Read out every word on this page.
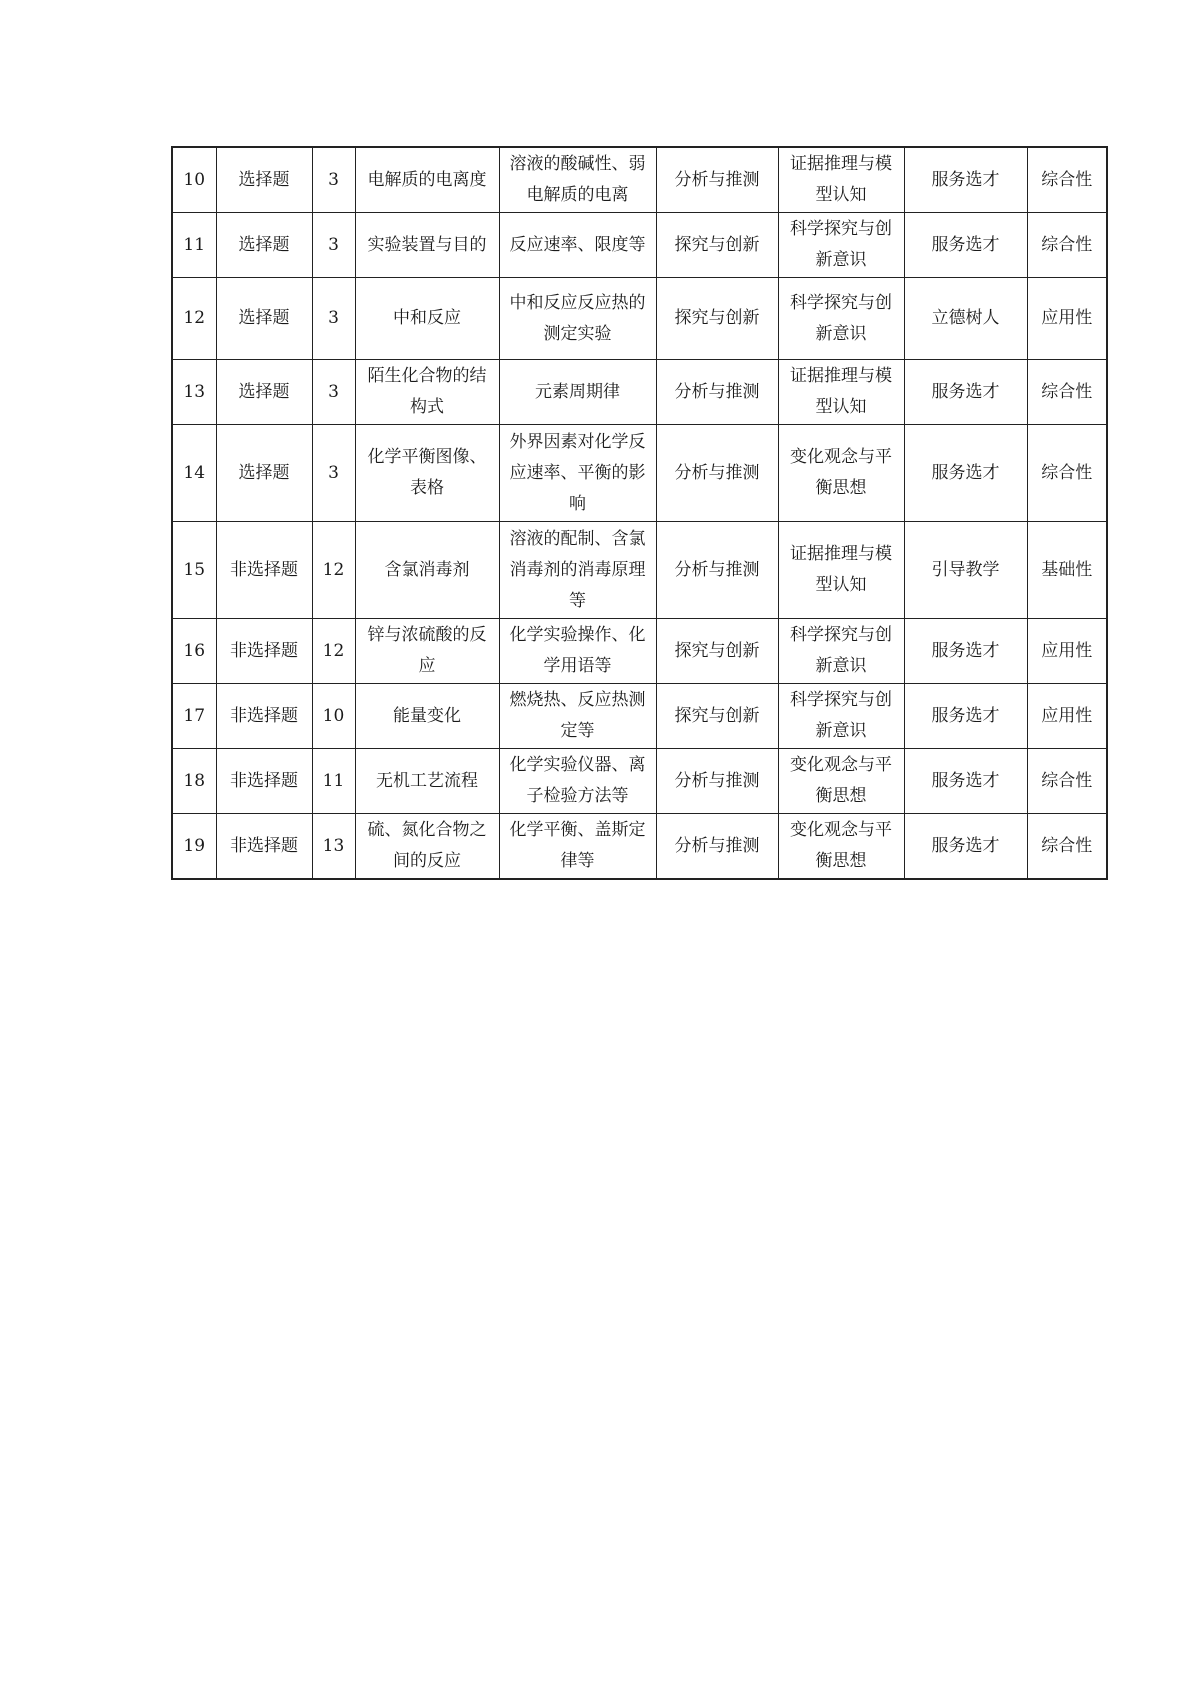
10	选择题	3	电解质的电离度	溶液的酸碱性、弱电解质的电离	分析与推测	证据推理与模型认知	服务选才	综合性
11	选择题	3	实验装置与目的	反应速率、限度等	探究与创新	科学探究与创新意识	服务选才	综合性
12	选择题	3	中和反应	中和反应反应热的测定实验	探究与创新	科学探究与创新意识	立德树人	应用性
13	选择题	3	陌生化合物的结构式	元素周期律	分析与推测	证据推理与模型认知	服务选才	综合性
14	选择题	3	化学平衡图像、表格	外界因素对化学反应速率、平衡的影响	分析与推测	变化观念与平衡思想	服务选才	综合性
15	非选择题	12	含氯消毒剂	溶液的配制、含氯消毒剂的消毒原理等	分析与推测	证据推理与模型认知	引导教学	基础性
16	非选择题	12	锌与浓硫酸的反应	化学实验操作、化学用语等	探究与创新	科学探究与创新意识	服务选才	应用性
17	非选择题	10	能量变化	燃烧热、反应热测定等	探究与创新	科学探究与创新意识	服务选才	应用性
18	非选择题	11	无机工艺流程	化学实验仪器、离子检验方法等	分析与推测	变化观念与平衡思想	服务选才	综合性
19	非选择题	13	硫、氮化合物之间的反应	化学平衡、盖斯定律等	分析与推测	变化观念与平衡思想	服务选才	综合性
